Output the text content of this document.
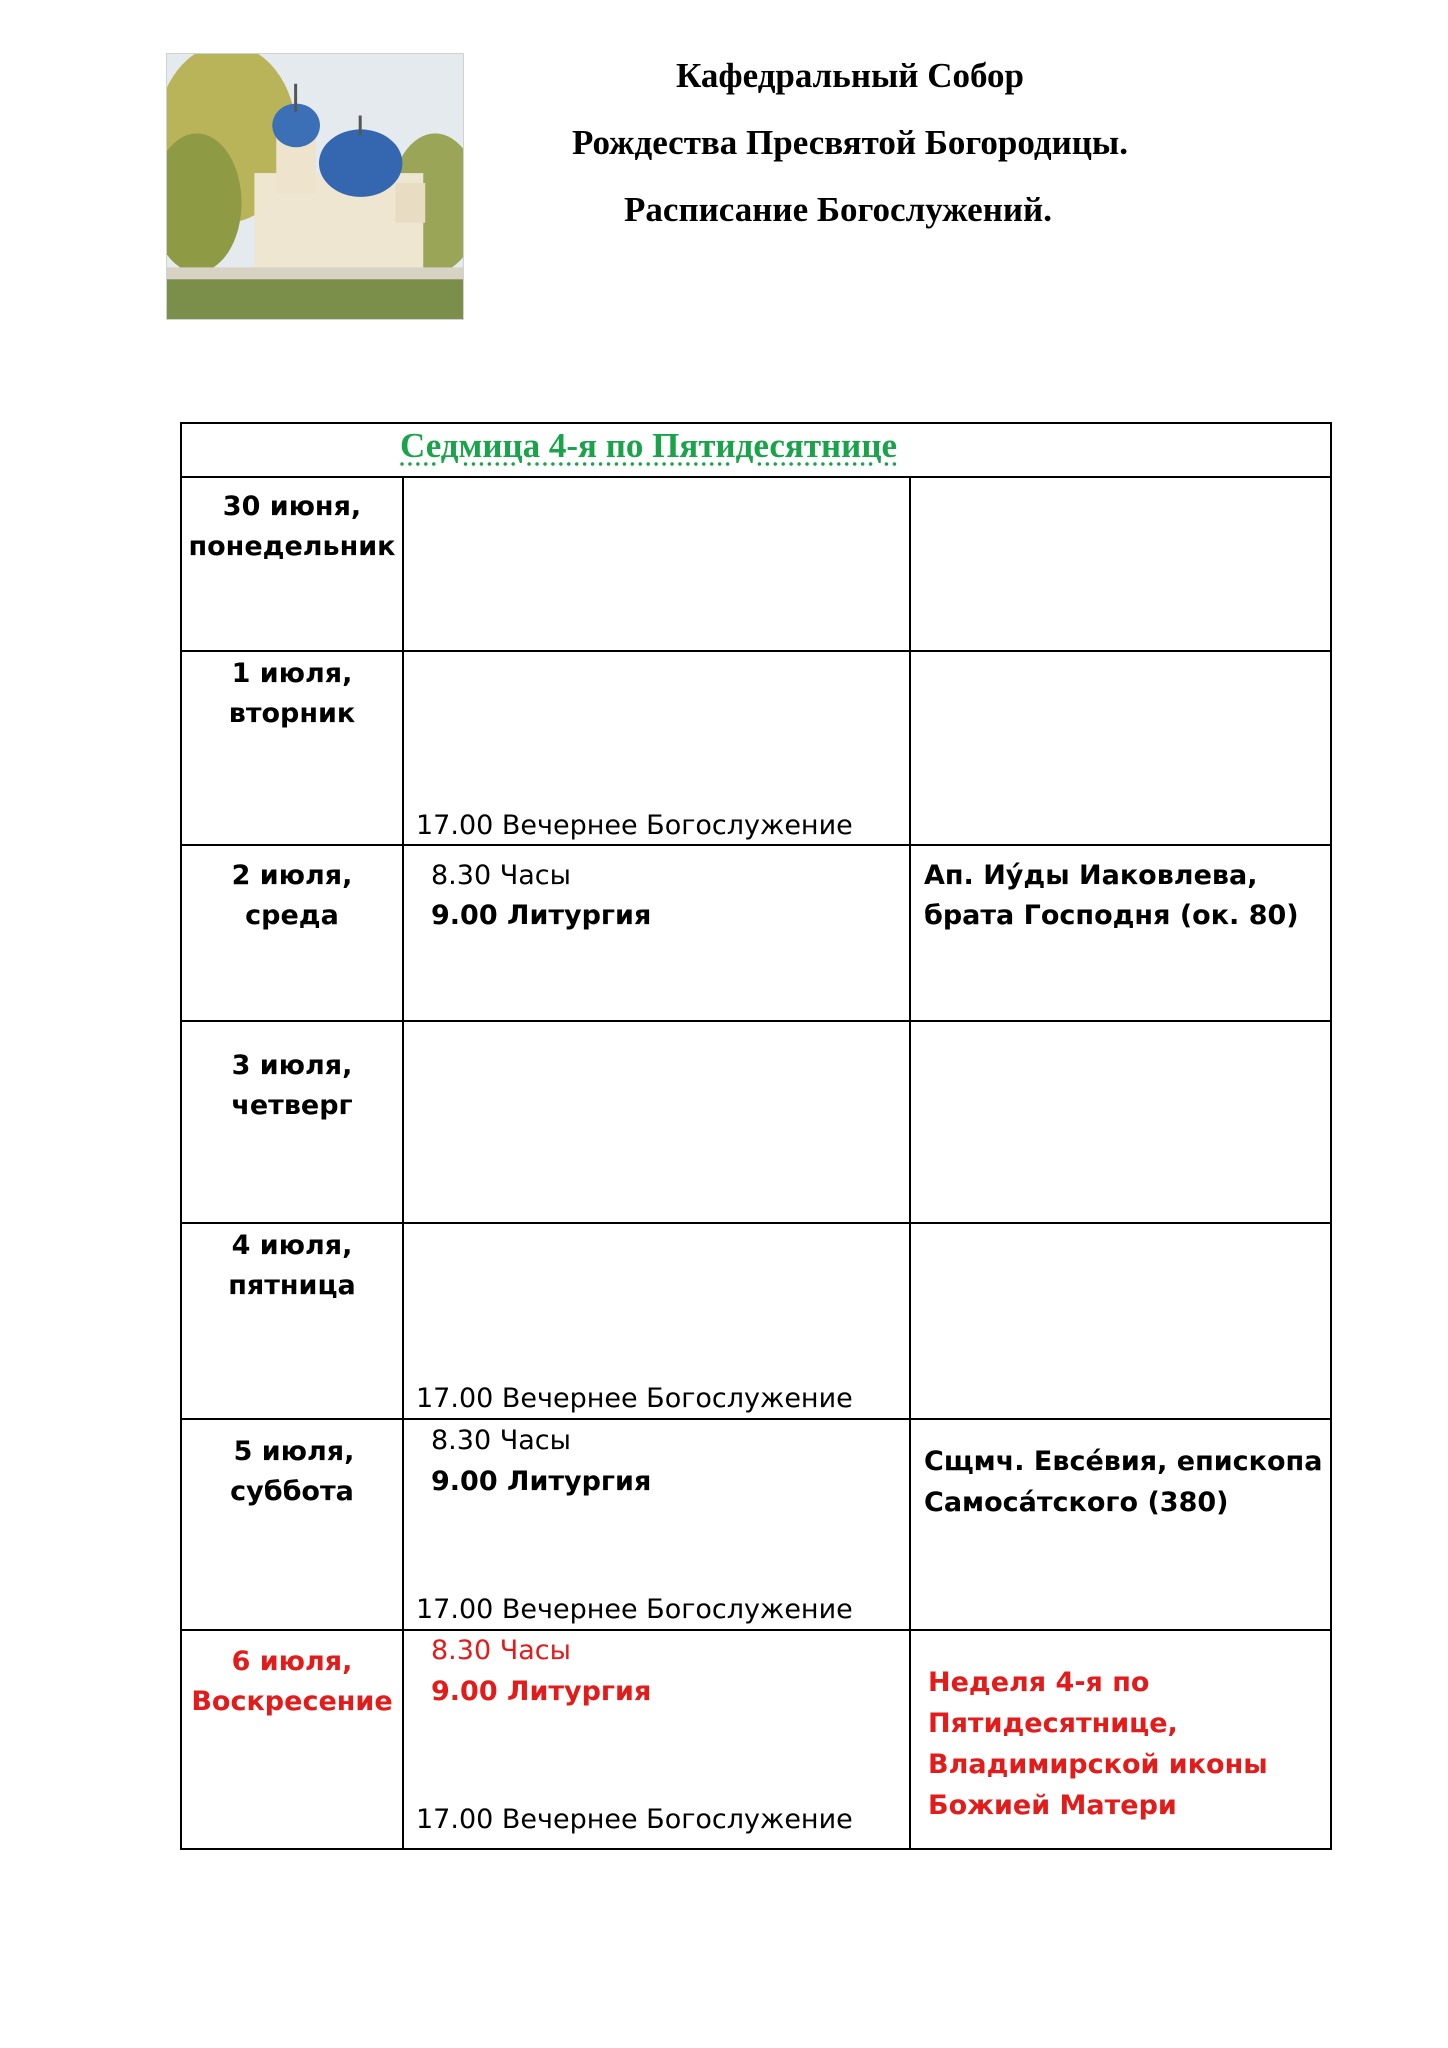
Кафедральный Собор
Рождества Пресвятой Богородицы.
Расписание Богослужений.
Седмица 4-я по Пятидесятнице
30 июня,
понедельник
1 июля,
вторник
17.00 Вечернее Богослужение
2 июля,
среда
8.30 Часы
9.00 Литургия
Ап. Иу́ды Иаковлева,
брата Господня (ок. 80)
3 июля,
четверг
4 июля,
пятница
17.00 Вечернее Богослужение
5 июля,
суббота
8.30 Часы
9.00 Литургия
Сщмч. Евсе́вия, епископа
Самоса́тского (380)
17.00 Вечернее Богослужение
6 июля,
Воскресение
8.30 Часы
9.00 Литургия	Неделя 4-я по
Пятидесятнице,
Владимирской иконы
Божией Матери
17.00 Вечернее Богослужение
